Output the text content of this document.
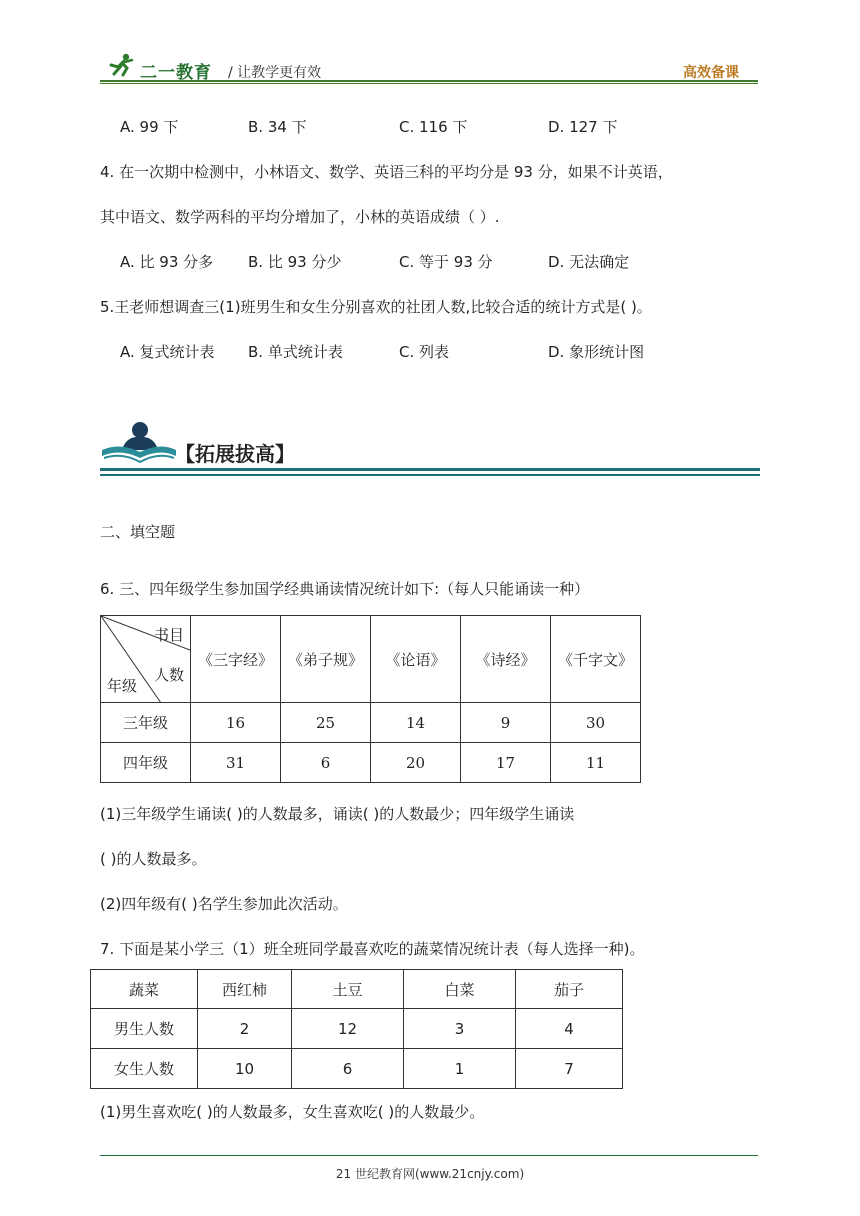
二一教育 / 让教学更有效	高效备课
A. 99 下	B. 34 下	C. 116 下	D. 127 下
4. 在一次期中检测中，小林语文、数学、英语三科的平均分是 93 分，如果不计英语，
其中语文、数学两科的平均分增加了，小林的英语成绩（ ）.
A. 比 93 分多 B. 比 93 分少	C. 等于 93 分	D. 无法确定
5.王老师想调查三(1)班男生和女生分别喜欢的社团人数,比较合适的统计方式是( )。
A. 复式统计表 B. 单式统计表	C. 列表	D. 象形统计图
【拓展拔高】
二、填空题
6. 三、四年级学生参加国学经典诵读情况统计如下:（每人只能诵读一种）
书目
人数
年级	《三字经》	《弟子规》	《论语》	《诗经》	《千字文》
三年级	16	25	14	9	30
四年级	31	6	20	17	11
(1)三年级学生诵读( )的人数最多，诵读( )的人数最少；四年级学生诵读
( )的人数最多。
(2)四年级有( )名学生参加此次活动。
7. 下面是某小学三（1）班全班同学最喜欢吃的蔬菜情况统计表（每人选择一种)。
蔬菜	西红柿	土豆	白菜	茄子
男生人数	2	12	3	4
女生人数	10	6	1	7
(1)男生喜欢吃( )的人数最多，女生喜欢吃( )的人数最少。
21 世纪教育网(www.21cnjy.com)
